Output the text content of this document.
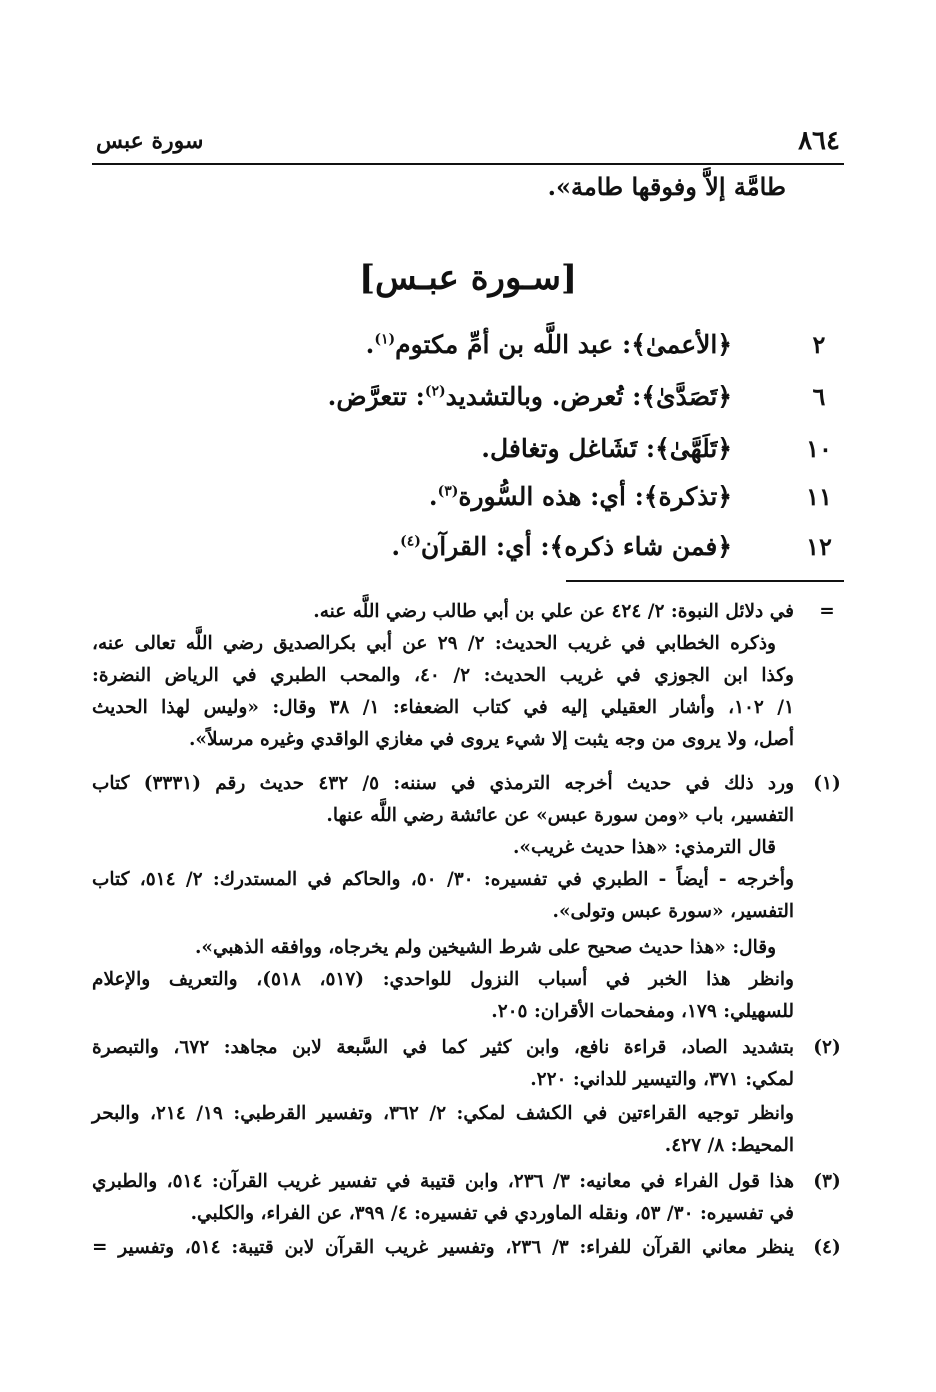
٨٦٤
سورة عبس
طامَّة إلاَّ وفوقها طامة».
[سـورة عبـس]
٢
﴿الأعمىٰ﴾: عبد اللَّه بن أمِّ مكتوم$^{(١)}$.
٦
﴿تَصَدَّىٰ﴾: تُعرض. وبالتشديد$^{(٢)}$: تتعرَّض.
١٠
﴿تَلَهَّىٰ﴾: تَشَاغل وتغافل.
١١
﴿تذكرة﴾: أي: هذه السُّورة$^{(٣)}$.
١٢
﴿فمن شاء ذكره﴾: أي: القرآن$^{(٤)}$.
=
في دلائل النبوة: ٢/ ٤٢٤ عن علي بن أبي طالب رضي اللَّه عنه.
وذكره الخطابي في غريب الحديث: ٢/ ٢٩ عن أبي بكرالصديق رضي اللَّه تعالى عنه،
وكذا ابن الجوزي في غريب الحديث: ٢/ ٤٠، والمحب الطبري في الرياض النضرة:
١/ ١٠٢، وأشار العقيلي إليه في كتاب الضعفاء: ١/ ٣٨ وقال: «وليس لهذا الحديث
أصل، ولا يروى من وجه يثبت إلا شيء يروى في مغازي الواقدي وغيره مرسلاً».
(١)
ورد ذلك في حديث أخرجه الترمذي في سننه: ٥/ ٤٣٢ حديث رقم (٣٣٣١) كتاب
التفسير، باب «ومن سورة عبس» عن عائشة رضي اللَّه عنها.
قال الترمذي: «هذا حديث غريب».
وأخرجه - أيضاً - الطبري في تفسيره: ٣٠/ ٥٠، والحاكم في المستدرك: ٢/ ٥١٤، كتاب
التفسير، «سورة عبس وتولى».
وقال: «هذا حديث صحيح على شرط الشيخين ولم يخرجاه، ووافقه الذهبي».
وانظر هذا الخبر في أسباب النزول للواحدي: (٥١٧، ٥١٨)، والتعريف والإعلام
للسهيلي: ١٧٩، ومفحمات الأقران: ٢٠٥.
(٢)
بتشديد الصاد، قراءة نافع، وابن كثير كما في السَّبعة لابن مجاهد: ٦٧٢، والتبصرة
لمكي: ٣٧١، والتيسير للداني: ٢٢٠.
وانظر توجيه القراءتين في الكشف لمكي: ٢/ ٣٦٢، وتفسير القرطبي: ١٩/ ٢١٤، والبحر
المحيط: ٨/ ٤٢٧.
(٣)
هذا قول الفراء في معانيه: ٣/ ٢٣٦، وابن قتيبة في تفسير غريب القرآن: ٥١٤، والطبري
في تفسيره: ٣٠/ ٥٣، ونقله الماوردي في تفسيره: ٤/ ٣٩٩، عن الفراء، والكلبي.
(٤)
ينظر معاني القرآن للفراء: ٣/ ٢٣٦، وتفسير غريب القرآن لابن قتيبة: ٥١٤، وتفسير =
